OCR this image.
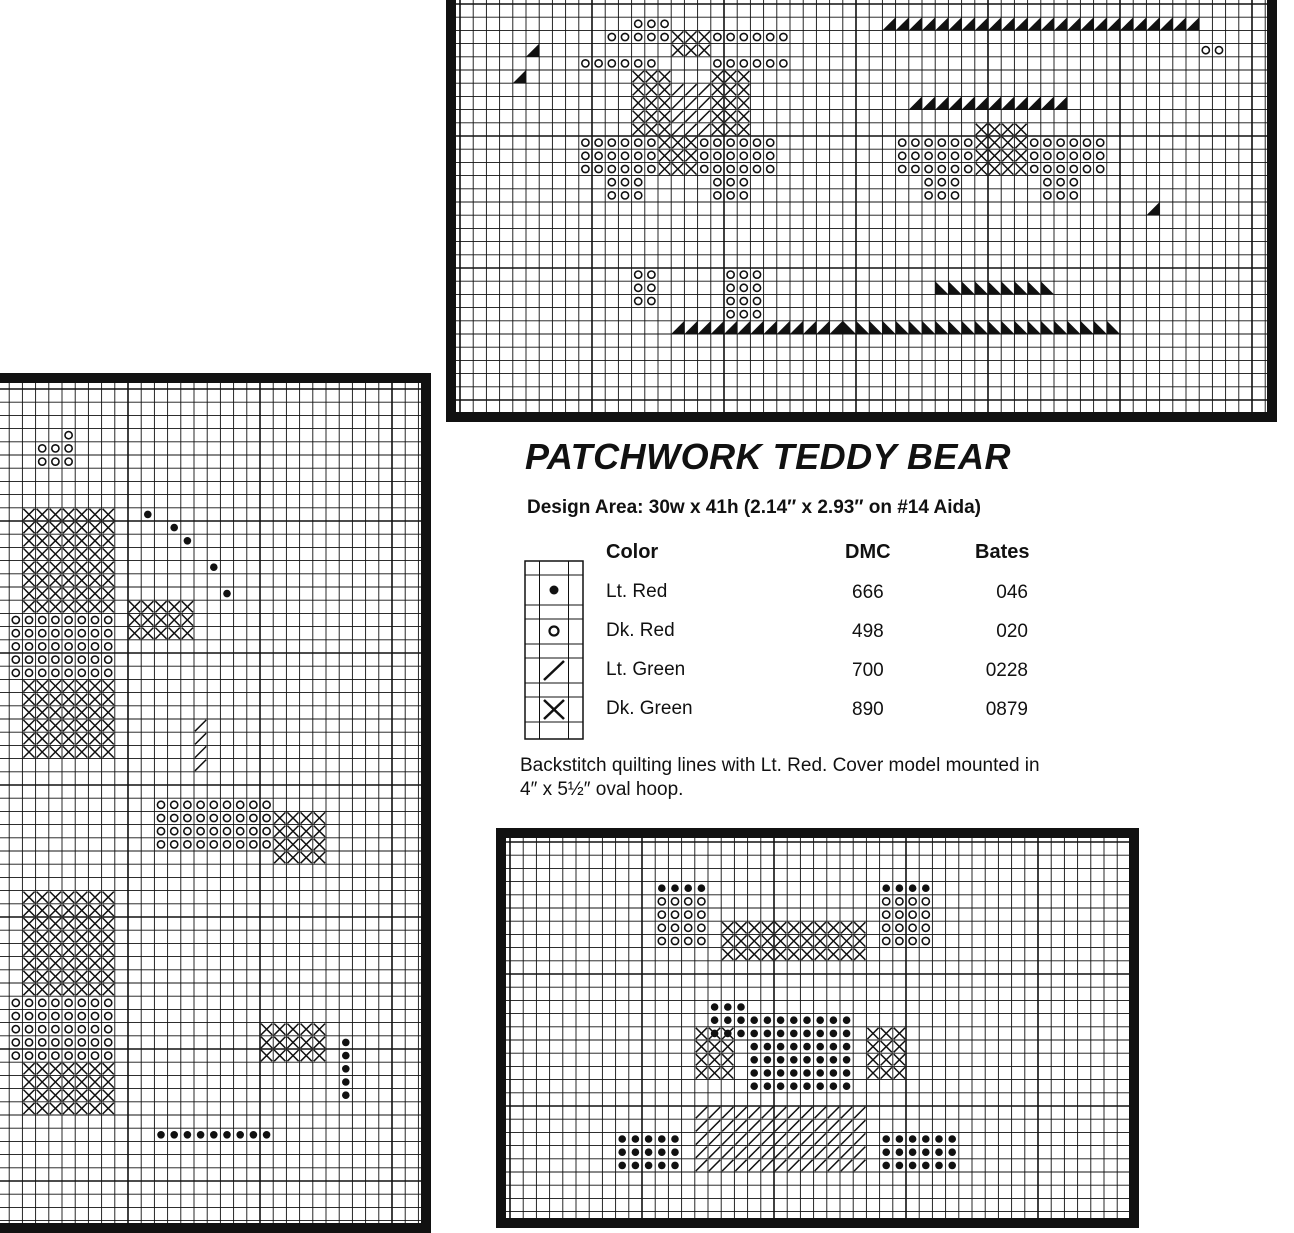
PATCHWORK TEDDY BEAR
Design Area: 30w x 41h (2.14″ x 2.93″ on #14 Aida)
Color	DMC	Bates
Lt. Red	666	046
Dk. Red	498	020
Lt. Green	700	0228
Dk. Green	890	0879

Backstitch quilting lines with Lt. Red. Cover model mounted in
4″ x 5½″ oval hoop.
